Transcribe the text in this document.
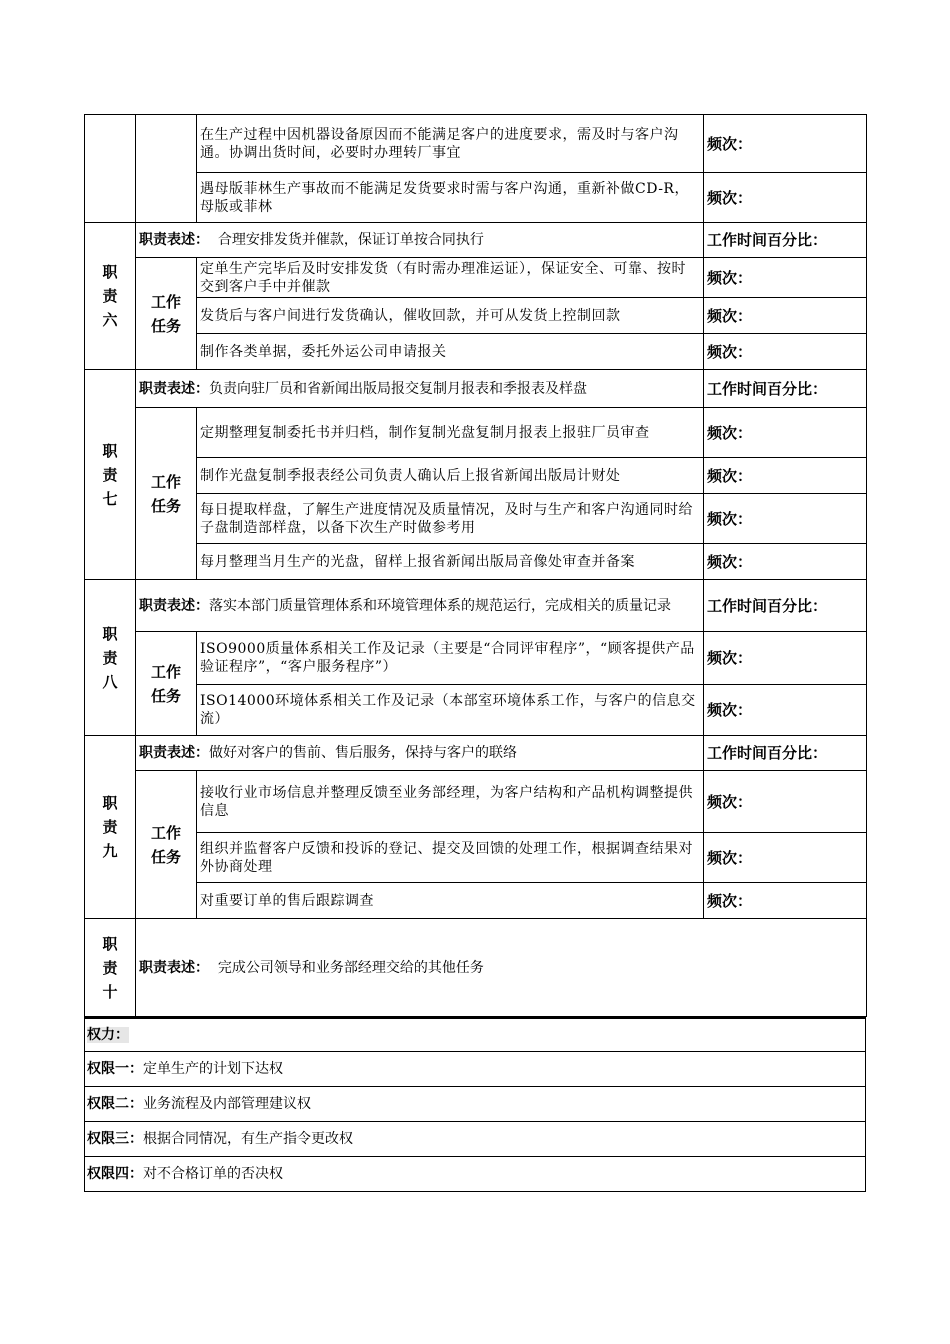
		在生产过程中因机器设备原因而不能满足客户的进度要求，需及时与客户沟通。协调出货时间，必要时办理转厂事宜	频次：
		遇母版菲林生产事故而不能满足发货要求时需与客户沟通，重新补做CD-R，母版或菲林	频次：
职
责
六	职责表述： 合理安排发货并催款，保证订单按合同执行		工作时间百分比：
	工作
任务	定单生产完毕后及时安排发货（有时需办理准运证），保证安全、可靠、按时交到客户手中并催款	频次：
		发货后与客户间进行发货确认，催收回款，并可从发货上控制回款	频次：
		制作各类单据，委托外运公司申请报关	频次：
职
责
七	职责表述：负责向驻厂员和省新闻出版局报交复制月报表和季报表及样盘		工作时间百分比：
	工作
任务	定期整理复制委托书并归档，制作复制光盘复制月报表上报驻厂员审查	频次：
		制作光盘复制季报表经公司负责人确认后上报省新闻出版局计财处	频次：
		每日提取样盘，了解生产进度情况及质量情况，及时与生产和客户沟通同时给子盘制造部样盘，以备下次生产时做参考用	频次：
		每月整理当月生产的光盘，留样上报省新闻出版局音像处审查并备案	频次：
职
责
八	职责表述：落实本部门质量管理体系和环境管理体系的规范运行，完成相关的质量记录		工作时间百分比：
	工作
任务	ISO9000质量体系相关工作及记录（主要是“合同评审程序”，“顾客提供产品验证程序”，“客户服务程序”）	频次：
		ISO14000环境体系相关工作及记录（本部室环境体系工作，与客户的信息交流）	频次：
职
责
九	职责表述：做好对客户的售前、售后服务，保持与客户的联络		工作时间百分比：
	工作
任务	接收行业市场信息并整理反馈至业务部经理，为客户结构和产品机构调整提供信息	频次：
		组织并监督客户反馈和投诉的登记、提交及回馈的处理工作，根据调查结果对外协商处理	频次：
		对重要订单的售后跟踪调查	频次：
职
责
十	职责表述： 完成公司领导和业务部经理交给的其他任务		
权力：
权限一：定单生产的计划下达权
权限二：业务流程及内部管理建议权
权限三：根据合同情况，有生产指令更改权
权限四：对不合格订单的否决权
